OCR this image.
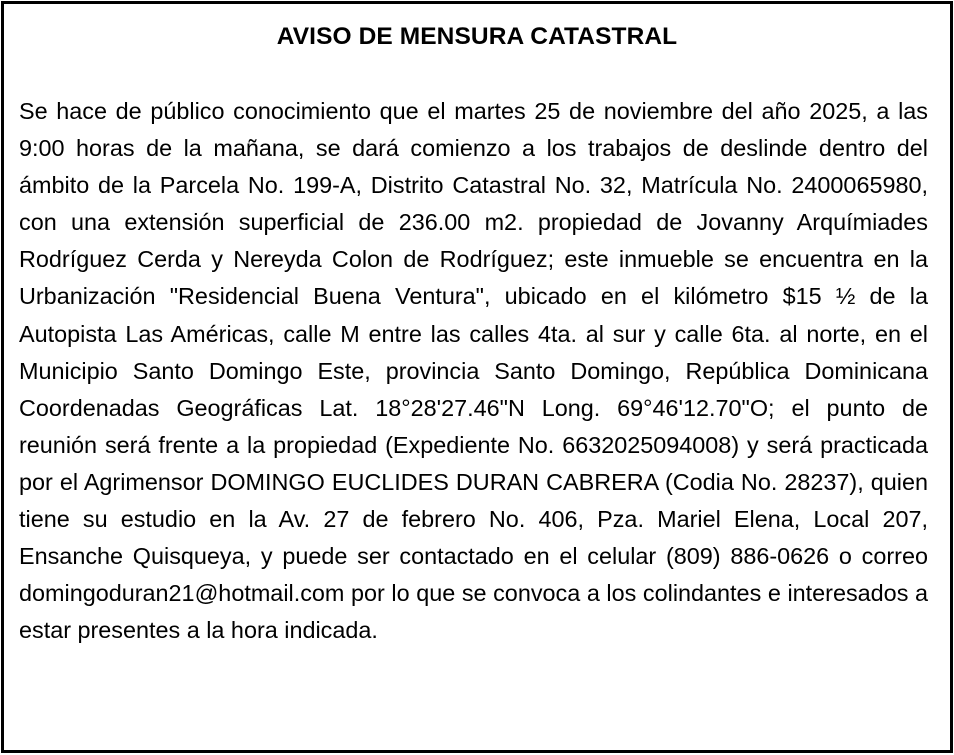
AVISO DE MENSURA CATASTRAL

Se hace de público conocimiento que el martes 25 de noviembre del año 2025, a las 9:00 horas de la mañana, se dará comienzo a los trabajos de deslinde dentro del ámbito de la Parcela No. 199-A, Distrito Catastral No. 32, Matrícula No. 2400065980, con una extensión superficial de 236.00 m2. propiedad de Jovanny Arquímiades Rodríguez Cerda y Nereyda Colon de Rodríguez; este inmueble se encuentra en la Urbanización "Residencial Buena Ventura", ubicado en el kilómetro $15 ½ de la Autopista Las Américas, calle M entre las calles 4ta. al sur y calle 6ta. al norte, en el Municipio Santo Domingo Este, provincia Santo Domingo, República Dominicana Coordenadas Geográficas Lat. 18°28'27.46"N Long. 69°46'12.70"O; el punto de reunión será frente a la propiedad (Expediente No. 6632025094008) y será practicada por el Agrimensor DOMINGO EUCLIDES DURAN CABRERA (Codia No. 28237), quien tiene su estudio en la Av. 27 de febrero No. 406, Pza. Mariel Elena, Local 207, Ensanche Quisqueya, y puede ser contactado en el celular (809) 886-0626 o correo domingoduran21@hotmail.com por lo que se convoca a los colindantes e interesados a estar presentes a la hora indicada.
